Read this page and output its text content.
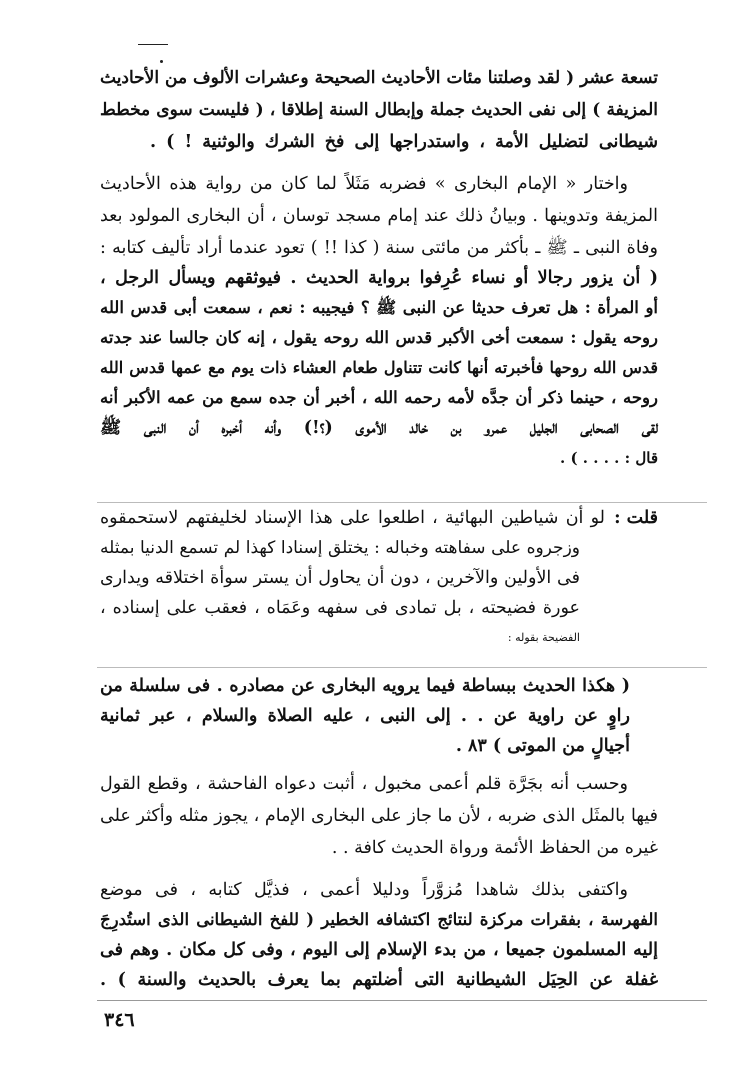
تسعة عشر ( لقد وصلتنا مئات الأحاديث الصحيحة وعشرات الألوف من الأحاديث
المزيفة ) إلى نفى الحديث جملة وإبطال السنة إطلاقا ، ( فليست سوى مخطط
شيطانى لتضليل الأمة ، واستدراجها إلى فخ الشرك والوثنية ! ) .
واختار « الإمام البخارى » فضربه مَثَلاً لما كان من رواية هذه الأحاديث
المزيفة وتدوينها . وبيانُ ذلك عند إمام مسجد توسان ، أن البخارى المولود بعد
وفاة النبى ـ ﷺ ـ بأكثر من مائتى سنة ( كذا !! ) تعود عندما أراد تأليف كتابه :
( أن يزور رجالا أو نساء عُرِفوا برواية الحديث . فيوثقهم ويسأل الرجل ،
أو المرأة : هل تعرف حديثا عن النبى ﷺ ؟ فيجيبه : نعم ، سمعت أبى قدس الله
روحه يقول : سمعت أخى الأكبر قدس الله روحه يقول ، إنه كان جالسا عند جدته
قدس الله روحها فأخبرته أنها كانت تتناول طعام العشاء ذات يوم مع عمها قدس الله
روحه ، حينما ذكر أن جدَّه لأمه رحمه الله ، أخبر أن جده سمع من عمه الأكبر أنه
لقى الصحابى الجليل عمرو بن خالد الأموى (؟!) وأنه أخبره أن النبى ﷺ
قال : . . . . ) .
لو أن شياطين البهائية ، اطلعوا على هذا الإسناد لخليفتهم لاستحمقوه
وزجروه على سفاهته وخباله : يختلق إسنادا كهذا لم تسمع الدنيا بمثله
فى الأولين والآخرين ، دون أن يحاول أن يستر سوأة اختلاقه ويدارى
عورة فضيحته ، بل تمادى فى سفهه وعَمَاه ، فعقب على إسناده ،
الفضيحة بقوله :
( هكذا الحديث ببساطة فيما يرويه البخارى عن مصادره . فى سلسلة من
راوٍ عن راوية عن . . إلى النبى ، عليه الصلاة والسلام ، عبر ثمانية
أجيالٍ من الموتى ) ٨٣ .
وحسب أنه بجَرَّة قلم أعمى مخبول ، أثبت دعواه الفاحشة ، وقطع القول
فيها بالمثَل الذى ضربه ، لأن ما جاز على البخارى الإمام ، يجوز مثله وأكثر على
غيره من الحفاظ الأئمة ورواة الحديث كافة . .
واكتفى بذلك شاهدا مُزوَّراً ودليلا أعمى ، فذيَّل كتابه ، فى موضع
الفهرسة ، بفقرات مركزة لنتائج اكتشافه الخطير ( للفخ الشيطانى الذى استُدرِجَ
إليه المسلمون جميعا ، من بدء الإسلام إلى اليوم ، وفى كل مكان . وهم فى
غفلة عن الحِيَل الشيطانية التى أضلتهم بما يعرف بالحديث والسنة ) .
قلت :
٣٤٦
